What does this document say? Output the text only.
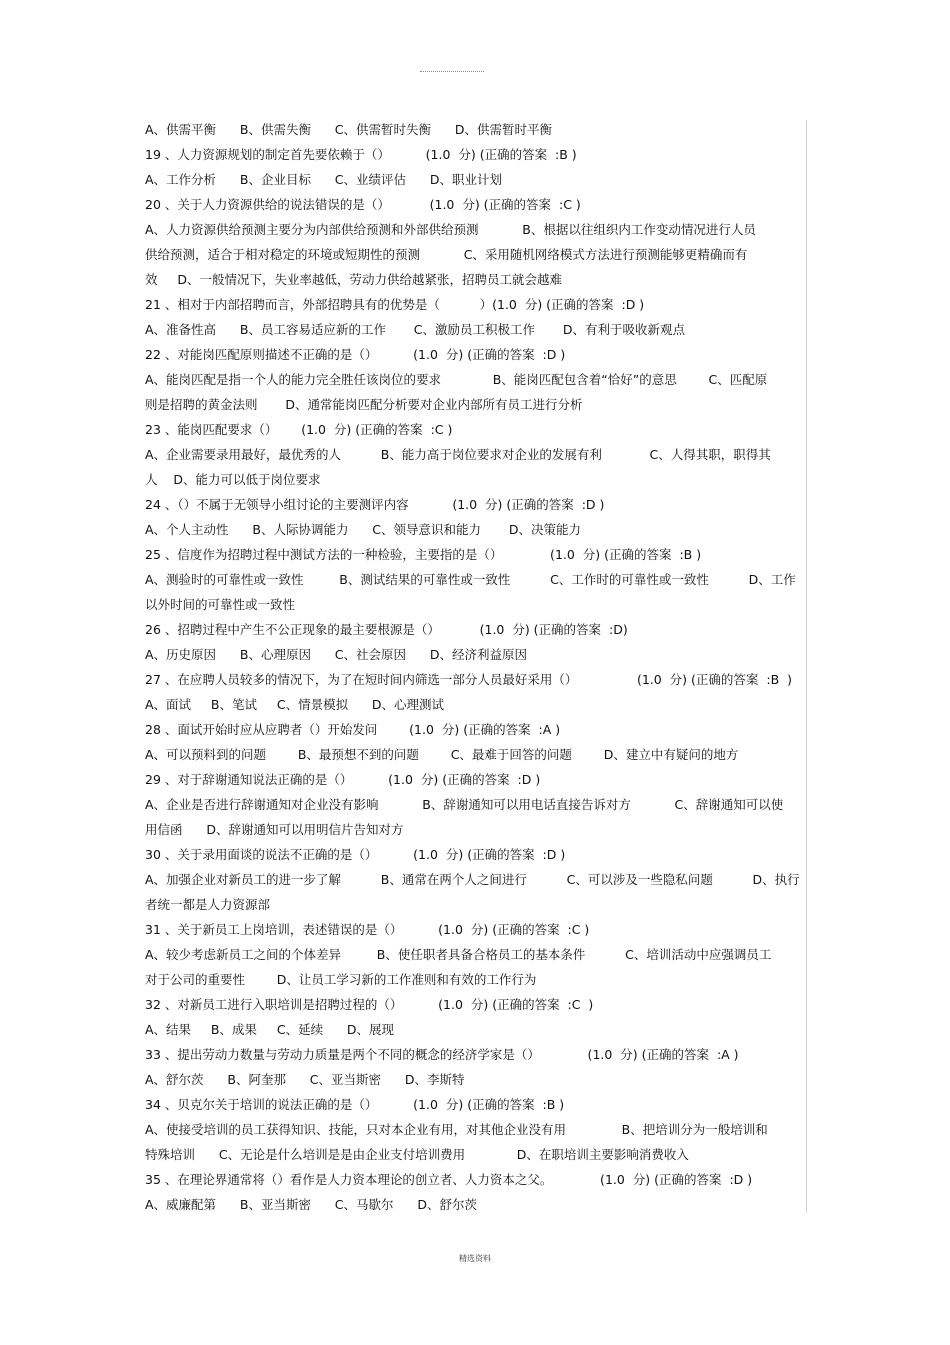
A、供需平衡      B、供需失衡      C、供需暂时失衡      D、供需暂时平衡
19 、人力资源规划的制定首先要依赖于（）         (1.0  分) (正确的答案  :B )
A、工作分析      B、企业目标      C、业绩评估      D、职业计划
20 、关于人力资源供给的说法错误的是（）          (1.0  分) (正确的答案  :C )
A、人力资源供给预测主要分为内部供给预测和外部供给预测           B、根据以往组织内工作变动情况进行人员
供给预测，适合于相对稳定的环境或短期性的预测           C、采用随机网络模式方法进行预测能够更精确而有
效     D、一般情况下，失业率越低，劳动力供给越紧张，招聘员工就会越难
21 、相对于内部招聘而言，外部招聘具有的优势是（          ）(1.0  分) (正确的答案  :D )
A、准备性高      B、员工容易适应新的工作       C、激励员工积极工作       D、有利于吸收新观点
22 、对能岗匹配原则描述不正确的是（）         (1.0  分) (正确的答案  :D )
A、能岗匹配是指一个人的能力完全胜任该岗位的要求             B、能岗匹配包含着“恰好”的意思        C、匹配原
则是招聘的黄金法则       D、通常能岗匹配分析要对企业内部所有员工进行分析
23 、能岗匹配要求（）      (1.0  分) (正确的答案  :C )
A、企业需要录用最好，最优秀的人          B、能力高于岗位要求对企业的发展有利            C、人得其职，职得其
人    D、能力可以低于岗位要求
24 、（）不属于无领导小组讨论的主要测评内容           (1.0  分) (正确的答案  :D )
A、个人主动性      B、人际协调能力      C、领导意识和能力       D、决策能力
25 、信度作为招聘过程中测试方法的一种检验，主要指的是（）            (1.0  分) (正确的答案  :B )
A、测验时的可靠性或一致性         B、测试结果的可靠性或一致性          C、工作时的可靠性或一致性          D、工作
以外时间的可靠性或一致性
26 、招聘过程中产生不公正现象的最主要根源是（）          (1.0  分) (正确的答案  :D)
A、历史原因      B、心理原因      C、社会原因      D、经济利益原因
27 、在应聘人员较多的情况下，为了在短时间内筛选一部分人员最好采用（）               (1.0  分) (正确的答案  :B  )
A、面试     B、笔试     C、情景模拟      D、心理测试
28 、面试开始时应从应聘者（）开始发问        (1.0  分) (正确的答案  :A )
A、可以预料到的问题        B、最预想不到的问题        C、最难于回答的问题        D、建立中有疑问的地方
29 、对于辞谢通知说法正确的是（）         (1.0  分) (正确的答案  :D )
A、企业是否进行辞谢通知对企业没有影响           B、辞谢通知可以用电话直接告诉对方           C、辞谢通知可以使
用信函      D、辞谢通知可以用明信片告知对方
30 、关于录用面谈的说法不正确的是（）         (1.0  分) (正确的答案  :D )
A、加强企业对新员工的进一步了解          B、通常在两个人之间进行          C、可以涉及一些隐私问题          D、执行
者统一都是人力资源部
31 、关于新员工上岗培训，表述错误的是（）         (1.0  分) (正确的答案  :C )
A、较少考虑新员工之间的个体差异         B、使任职者具备合格员工的基本条件          C、培训活动中应强调员工
对于公司的重要性        D、让员工学习新的工作准则和有效的工作行为
32 、对新员工进行入职培训是招聘过程的（）         (1.0  分) (正确的答案  :C  )
A、结果     B、成果     C、延续      D、展现
33 、提出劳动力数量与劳动力质量是两个不同的概念的经济学家是（）            (1.0  分) (正确的答案  :A )
A、舒尔茨      B、阿奎那      C、亚当斯密      D、李斯特
34 、贝克尔关于培训的说法正确的是（）         (1.0  分) (正确的答案  :B )
A、使接受培训的员工获得知识、技能，只对本企业有用，对其他企业没有用              B、把培训分为一般培训和
特殊培训      C、无论是什么培训是是由企业支付培训费用             D、在职培训主要影响消费收入
35 、在理论界通常将（）看作是人力资本理论的创立者、人力资本之父。            (1.0  分) (正确的答案  :D )
A、威廉配第      B、亚当斯密      C、马歇尔      D、舒尔茨
精选资料
